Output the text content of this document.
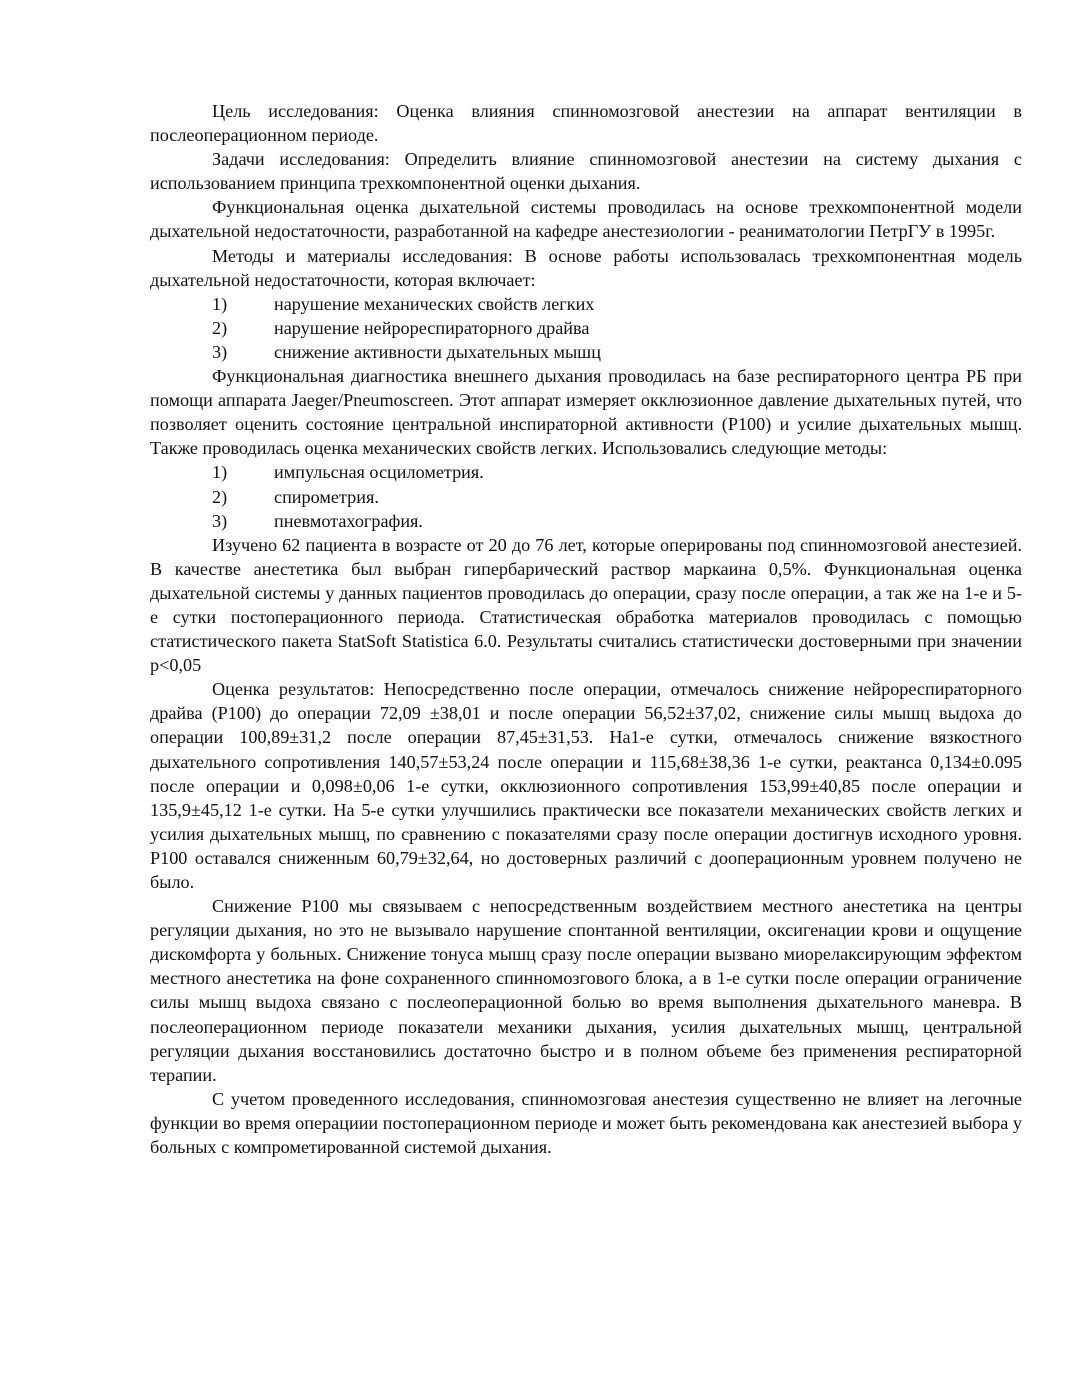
Цель исследования: Оценка влияния спинномозговой анестезии на аппарат вентиляции в послеоперационном периоде.

Задачи исследования: Определить влияние спинномозговой анестезии на систему дыхания с использованием принципа трехкомпонентной оценки дыхания.

Функциональная оценка дыхательной системы проводилась на основе трехкомпонентной модели дыхательной недостаточности, разработанной на кафедре анестезиологии - реаниматологии ПетрГУ в 1995г.

Методы и материалы исследования: В основе работы использовалась трехкомпонентная модель дыхательной недостаточности, которая включает:

1)	нарушение механических свойств легких
2)	нарушение нейрореспираторного драйва
3)	снижение активности дыхательных мышц

Функциональная диагностика внешнего дыхания проводилась на базе респираторного центра РБ при помощи аппарата Jaeger/Pneumoscreen. Этот аппарат измеряет окклюзионное давление дыхательных путей, что позволяет оценить состояние центральной инспираторной активности (Р100) и усилие дыхательных мышц. Также проводилась оценка механических свойств легких. Использовались следующие методы:

1)	импульсная осцилометрия.
2)	спирометрия.
3)	пневмотахография.

Изучено 62 пациента в возрасте от 20 до 76 лет, которые оперированы под спинномозговой анестезией. В качестве анестетика был выбран гипербарический раствор маркаина 0,5%. Функциональная оценка дыхательной системы у данных пациентов проводилась до операции, сразу после операции, а так же на 1-е и 5-е сутки постоперационного периода. Статистическая обработка материалов проводилась с помощью статистического пакета StatSoft Statistica 6.0. Результаты считались статистически достоверными при значении p<0,05

Оценка результатов: Непосредственно после операции, отмечалось снижение нейрореспираторного драйва (P100) до операции 72,09 ±38,01 и после операции 56,52±37,02, снижение силы мышц выдоха до операции 100,89±31,2 после операции 87,45±31,53. На1-е сутки, отмечалось снижение вязкостного дыхательного сопротивления 140,57±53,24 после операции и 115,68±38,36 1-е сутки, реактанса 0,134±0.095 после операции и 0,098±0,06 1-е сутки, окклюзионного сопротивления 153,99±40,85 после операции и 135,9±45,12 1-е сутки. На 5-е сутки улучшились практически все показатели механических свойств легких и усилия дыхательных мышц, по сравнению с показателями сразу после операции достигнув исходного уровня. Р100 оставался сниженным 60,79±32,64, но достоверных различий с дооперационным уровнем получено не было.

Снижение Р100 мы связываем с непосредственным воздействием местного анестетика на центры регуляции дыхания, но это не вызывало нарушение спонтанной вентиляции, оксигенации крови и ощущение дискомфорта у больных. Снижение тонуса мышц сразу после операции вызвано миорелаксирующим эффектом местного анестетика на фоне сохраненного спинномозгового блока, а в 1-е сутки после операции ограничение силы мышц выдоха связано с послеоперационной болью во время выполнения дыхательного маневра. В послеоперационном периоде показатели механики дыхания, усилия дыхательных мышц, центральной регуляции дыхания восстановились достаточно быстро и в полном объеме без применения респираторной терапии.

С учетом проведенного исследования, спинномозговая анестезия существенно не влияет на легочные функции во время операциии постоперационном периоде и может быть рекомендована как анестезией выбора у больных с компрометированной системой дыхания.
